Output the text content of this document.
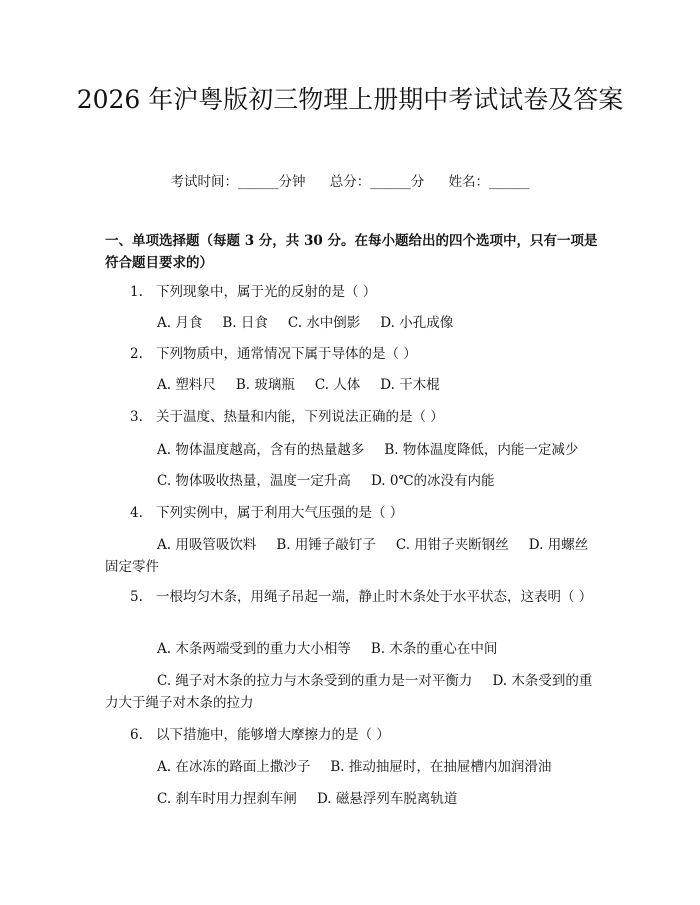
2026 年沪粤版初三物理上册期中考试试卷及答案
考试时间：______分钟 总分：______分 姓名：______
一、单项选择题（每题 3 分，共 30 分。在每小题给出的四个选项中，只有一项是符合题目要求的）
1. 下列现象中，属于光的反射的是（ ）
A. 月食 B. 日食 C. 水中倒影 D. 小孔成像
2. 下列物质中，通常情况下属于导体的是（ ）
A. 塑料尺 B. 玻璃瓶 C. 人体 D. 干木棍
3. 关于温度、热量和内能，下列说法正确的是（ ）
A. 物体温度越高，含有的热量越多 B. 物体温度降低，内能一定减少
C. 物体吸收热量，温度一定升高 D. 0℃的冰没有内能
4. 下列实例中，属于利用大气压强的是（ ）
A. 用吸管吸饮料 B. 用锤子敲钉子 C. 用钳子夹断钢丝 D. 用螺丝固定零件
5. 一根均匀木条，用绳子吊起一端，静止时木条处于水平状态，这表明（ ）
A. 木条两端受到的重力大小相等 B. 木条的重心在中间
C. 绳子对木条的拉力与木条受到的重力是一对平衡力 D. 木条受到的重力大于绳子对木条的拉力
6. 以下措施中，能够增大摩擦力的是（ ）
A. 在冰冻的路面上撒沙子 B. 推动抽屉时，在抽屉槽内加润滑油
C. 刹车时用力捏刹车闸 D. 磁悬浮列车脱离轨道
